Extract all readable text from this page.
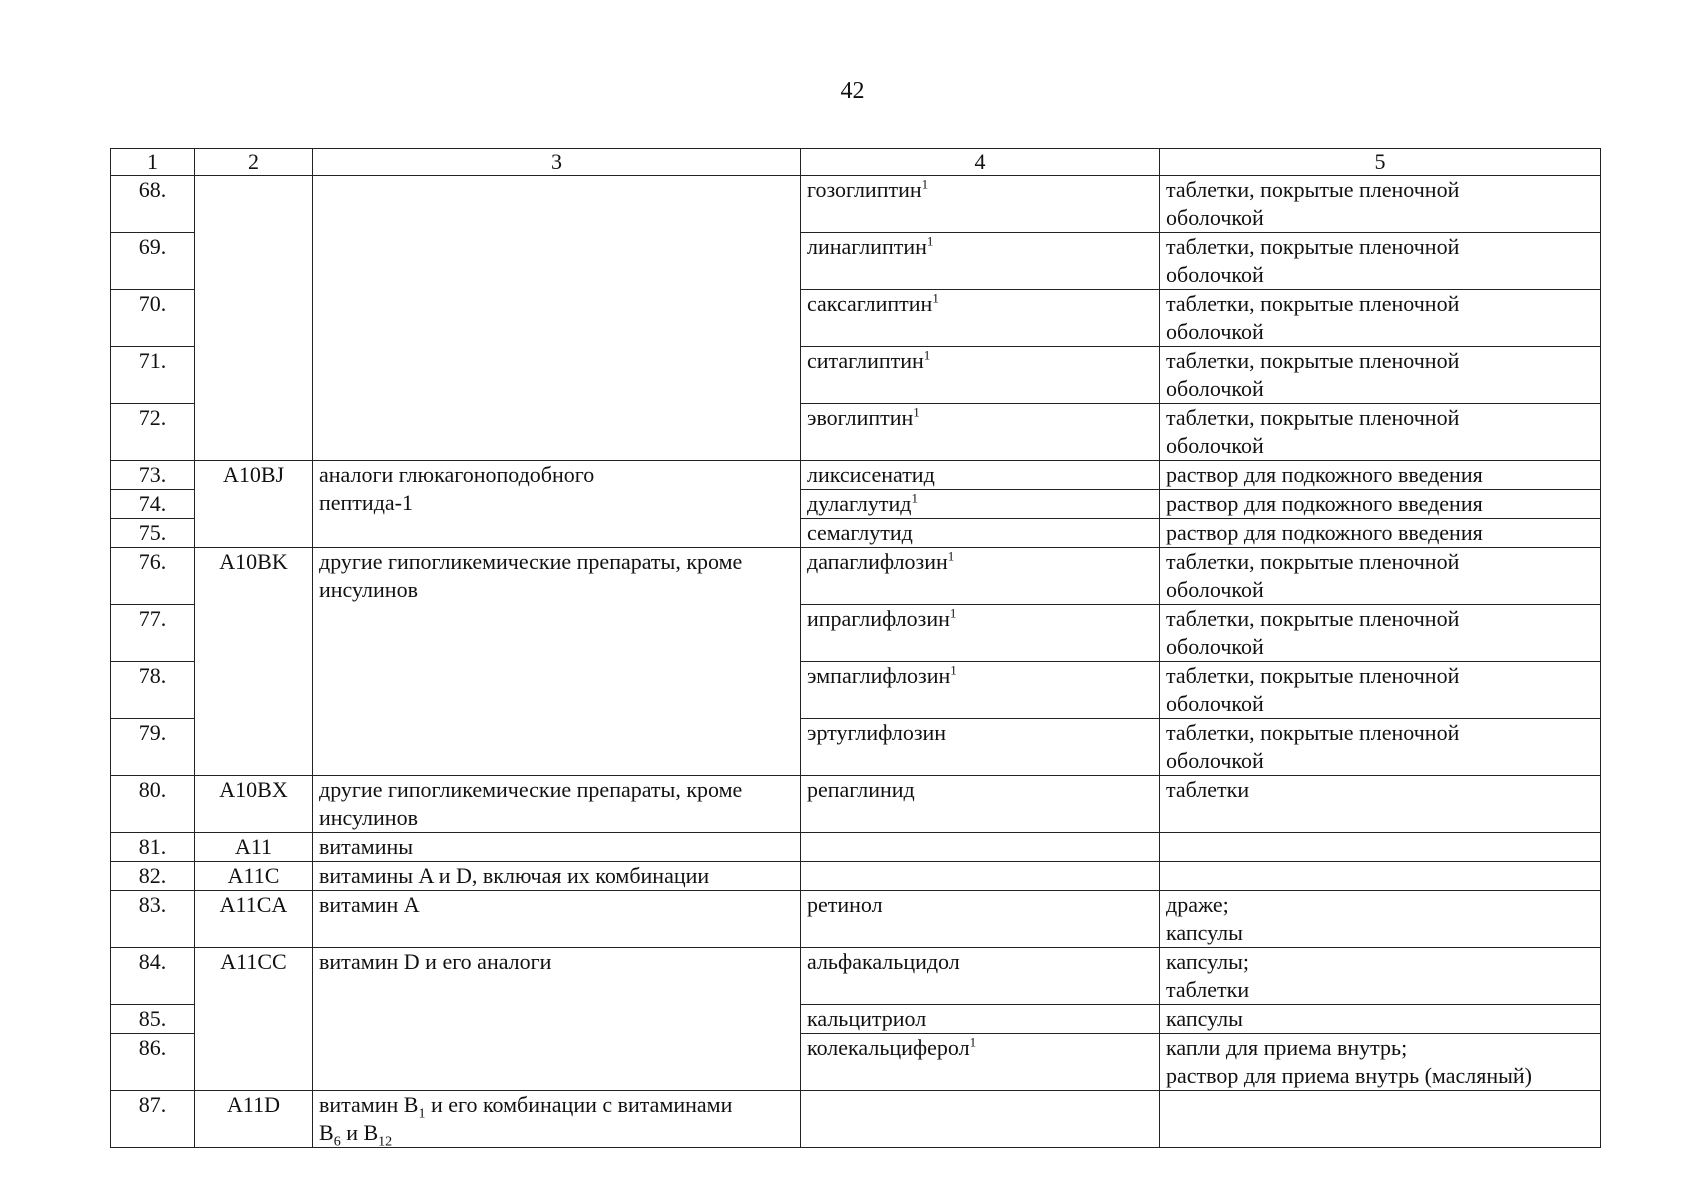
42
1	2	3	4	5
68.			гозоглиптин$^1$	таблетки, покрытые пленочной
оболочкой
69.			линаглиптин$^1$	таблетки, покрытые пленочной
оболочкой
70.			саксаглиптин$^1$	таблетки, покрытые пленочной
оболочкой
71.			ситаглиптин$^1$	таблетки, покрытые пленочной
оболочкой
72.			эвоглиптин$^1$	таблетки, покрытые пленочной
оболочкой
73.	A10BJ	аналоги глюкагоноподобного
пептида-1	ликсисенатид	раствор для подкожного введения
74.			дулаглутид$^1$	раствор для подкожного введения
75.			семаглутид	раствор для подкожного введения
76.	A10BK	другие гипогликемические препараты, кроме
инсулинов	дапаглифлозин$^1$	таблетки, покрытые пленочной
оболочкой
77.			ипраглифлозин$^1$	таблетки, покрытые пленочной
оболочкой
78.			эмпаглифлозин$^1$	таблетки, покрытые пленочной
оболочкой
79.			эртуглифлозин	таблетки, покрытые пленочной
оболочкой
80.	A10BX	другие гипогликемические препараты, кроме
инсулинов	репаглинид	таблетки
81.	A11	витамины		
82.	A11C	витамины A и D, включая их комбинации		
83.	A11CA	витамин A	ретинол	драже;
капсулы
84.	A11CC	витамин D и его аналоги	альфакальцидол	капсулы;
таблетки
85.			кальцитриол	капсулы
86.			колекальциферол$^1$	капли для приема внутрь;
раствор для приема внутрь (масляный)
87.	A11D	витамин $B_1$ и его комбинации с витаминами
$B_6$ и $B_{12}$		
